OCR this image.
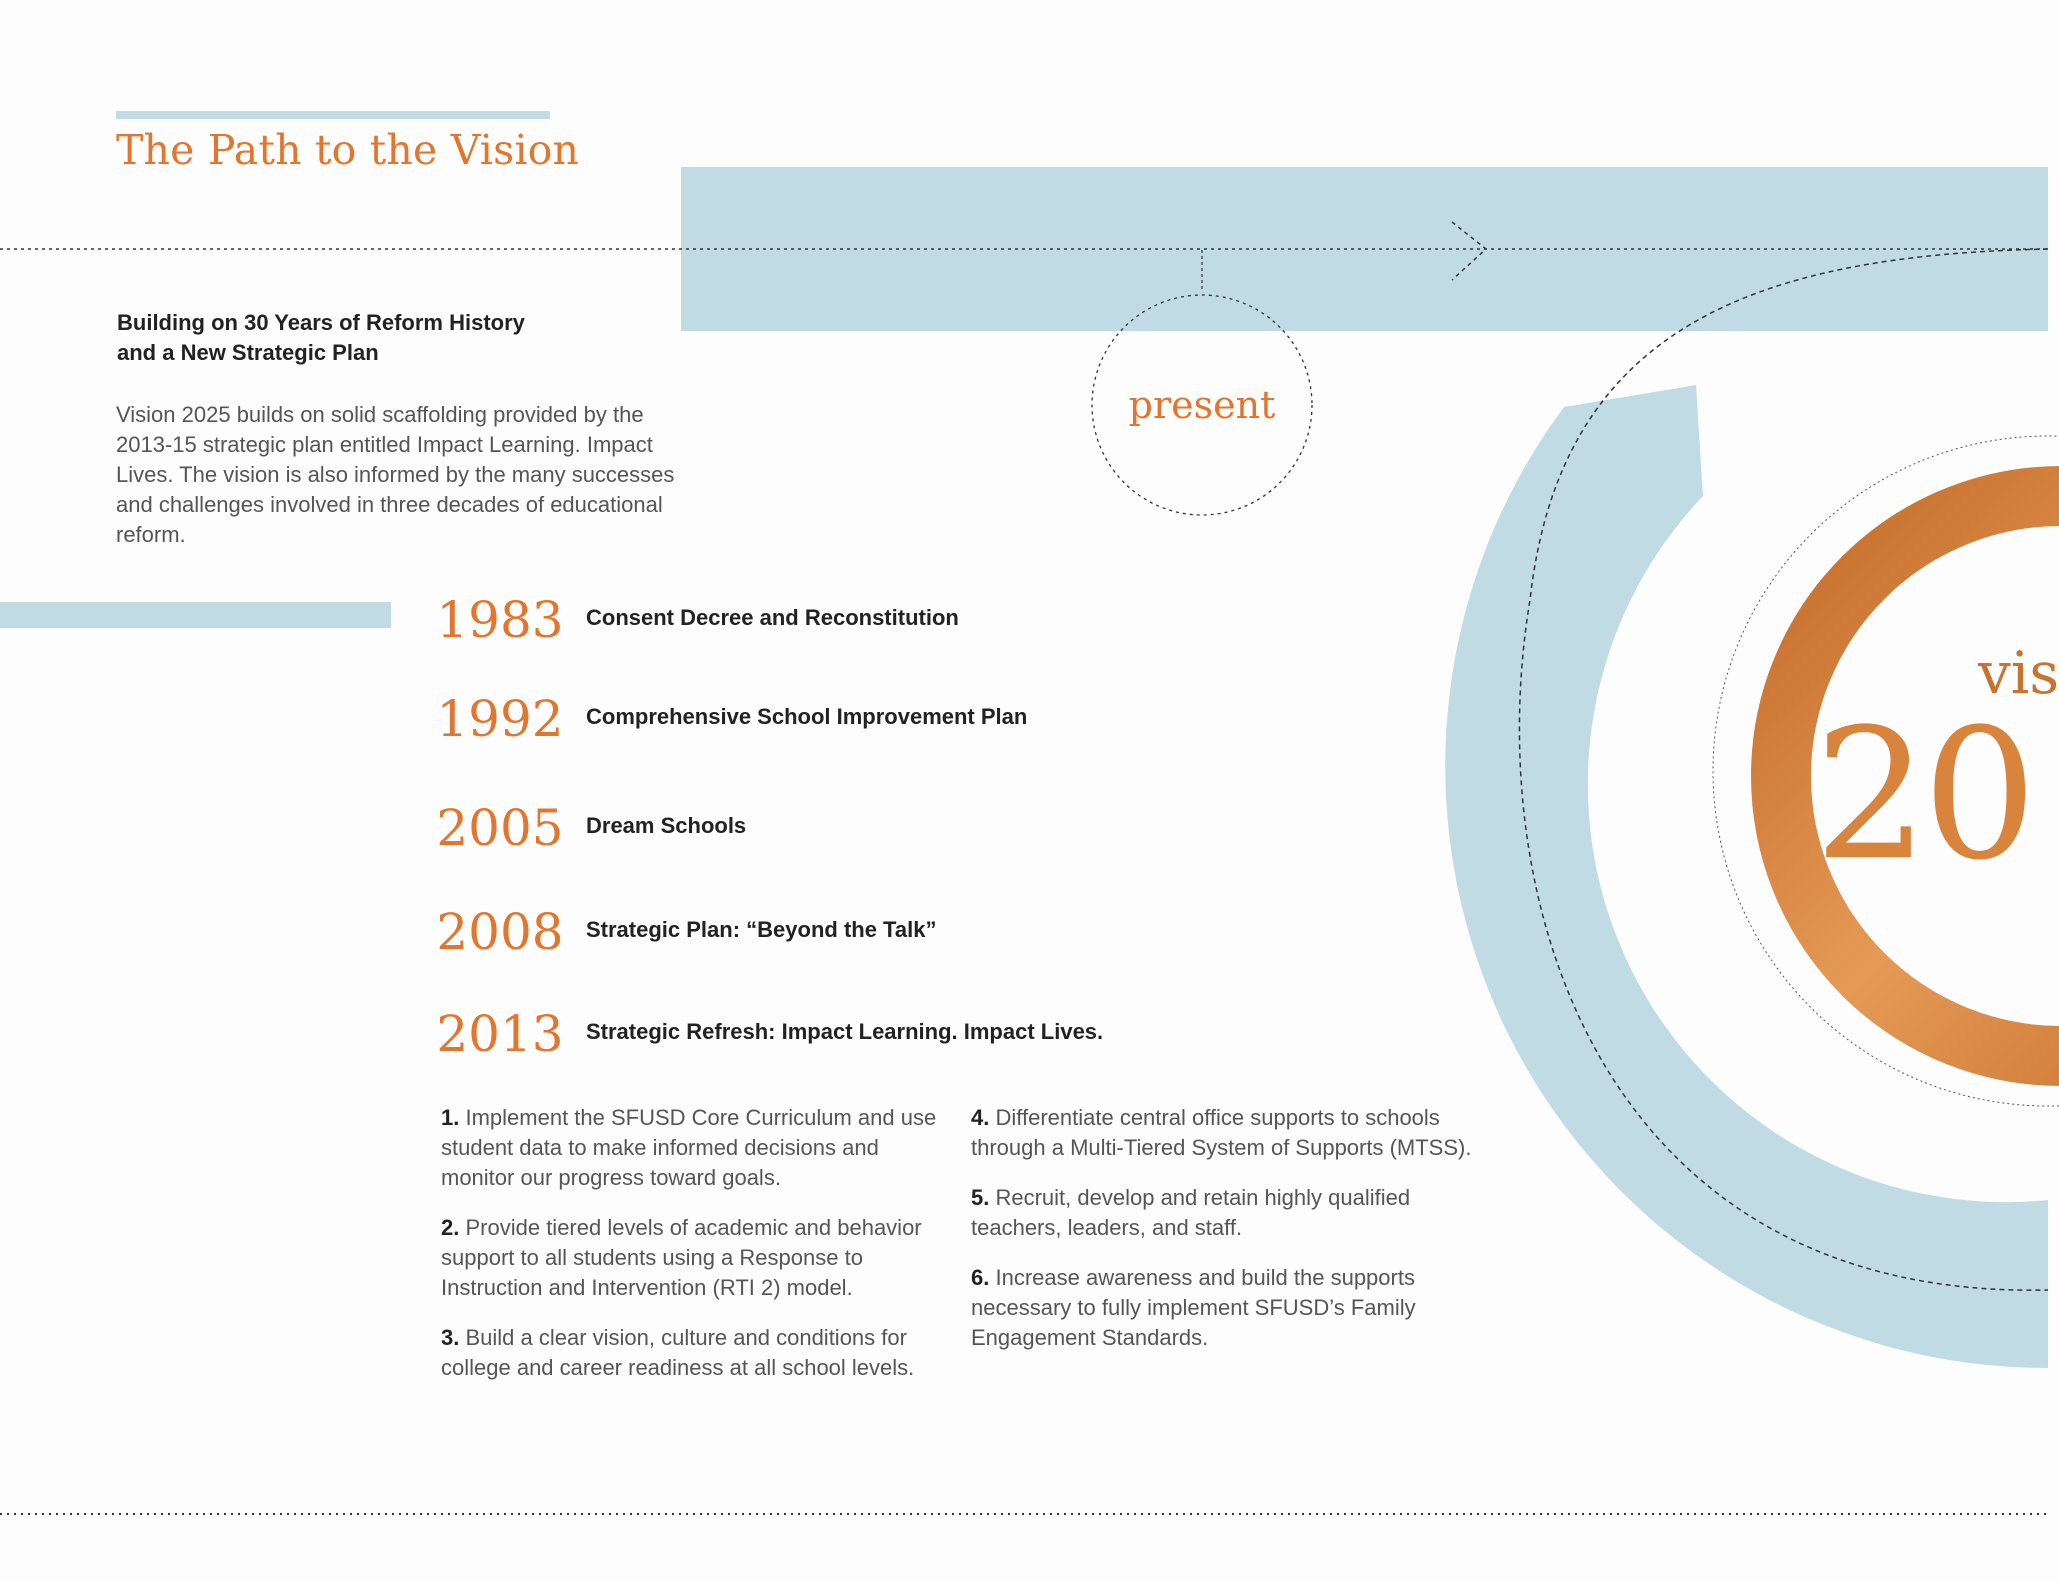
The Path to the Vision
Building on 30 Years of Reform History
and a New Strategic Plan

Vision 2025 builds on solid scaffolding provided by the 2013-15 strategic plan entitled Impact Learning. Impact Lives. The vision is also informed by the many successes and challenges involved in three decades of educational reform.

present
1983 Consent Decree and Reconstitution
1992 Comprehensive School Improvement Plan
2005 Dream Schools
2008 Strategic Plan: “Beyond the Talk”
2013 Strategic Refresh: Impact Learning. Impact Lives.

1. Implement the SFUSD Core Curriculum and use student data to make informed decisions and monitor our progress toward goals.

2. Provide tiered levels of academic and behavior support to all students using a Response to Instruction and Intervention (RTI 2) model.

3. Build a clear vision, culture and conditions for college and career readiness at all school levels.

4. Differentiate central office supports to schools through a Multi-Tiered System of Supports (MTSS).

5. Recruit, develop and retain highly qualified teachers, leaders, and staff.

6. Increase awareness and build the supports necessary to fully implement SFUSD’s Family Engagement Standards.

vis
20
